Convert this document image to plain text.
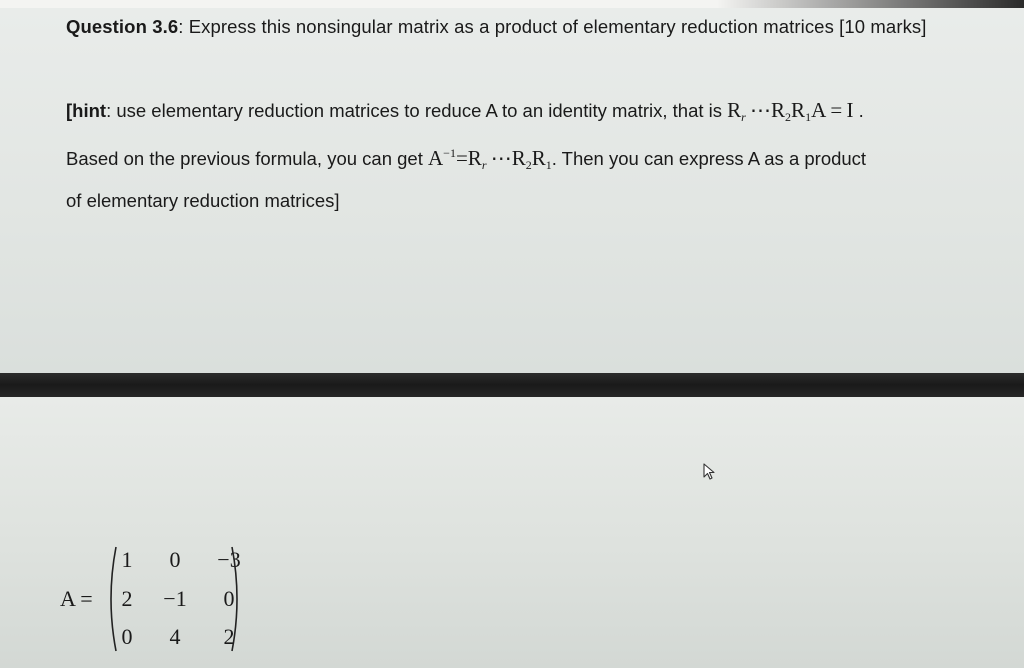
Question 3.6: Express this nonsingular matrix as a product of elementary reduction matrices [10 marks]
[hint: use elementary reduction matrices to reduce A to an identity matrix, that is $R_r$ $\cdots R_2R_1A = I$ .
Based on the previous formula, you can get $A^{-1}=R_r$ $\cdots R_2R_1$. Then you can express A as a product
of elementary reduction matrices]
A  =
1	0	−3
2	−1	0
0	4	2
